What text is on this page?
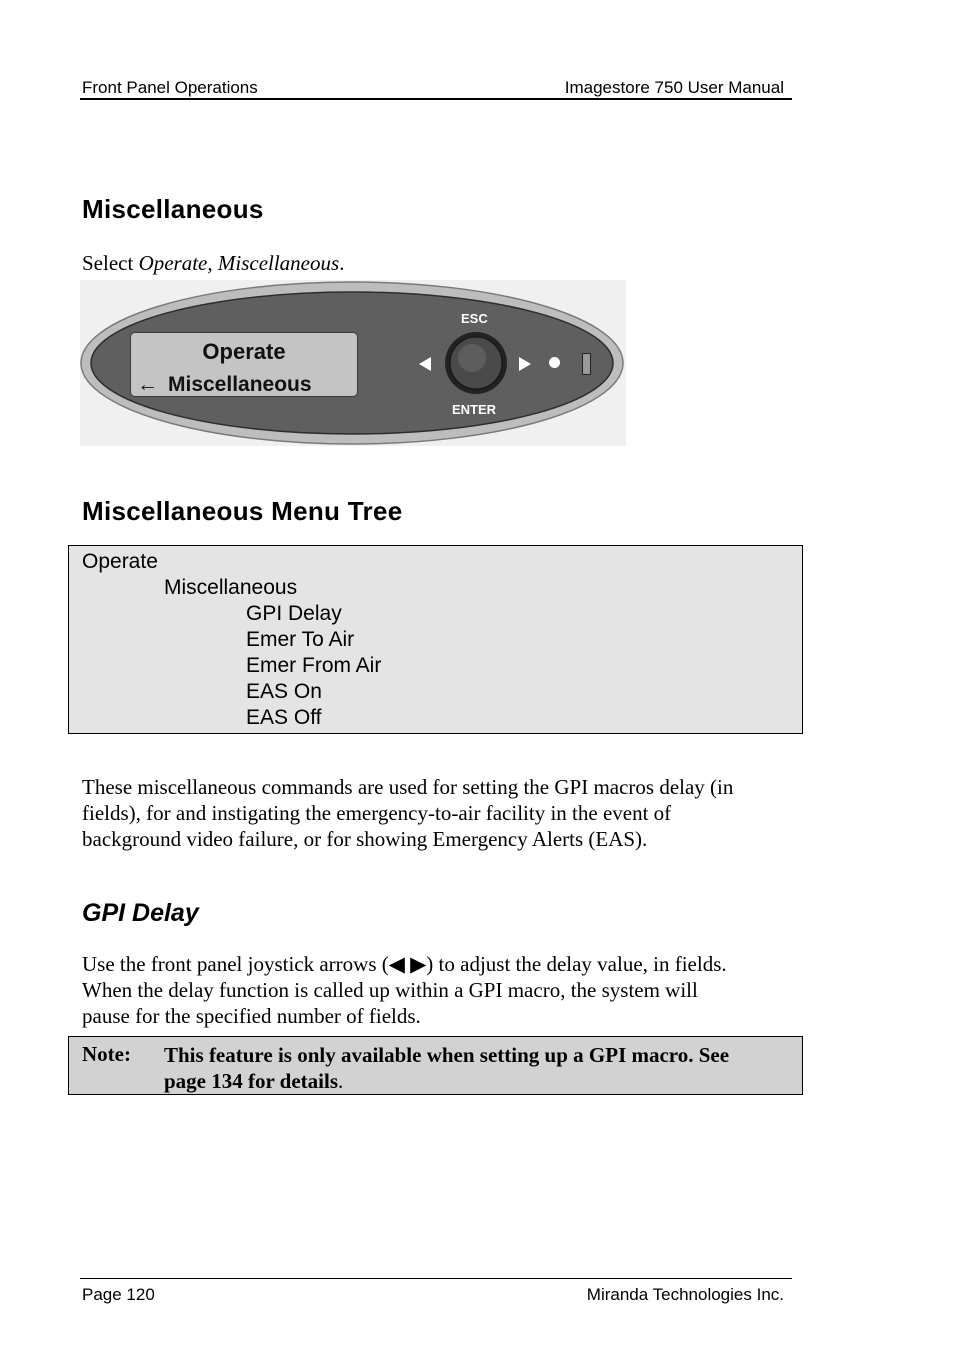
Front Panel Operations	Imagestore 750 User Manual
Miscellaneous
Select Operate, Miscellaneous.
Operate
← Miscellaneous
ESC
ENTER
Miscellaneous Menu Tree
Operate
Miscellaneous
GPI Delay
Emer To Air
Emer From Air
EAS On
EAS Off
These miscellaneous commands are used for setting the GPI macros delay (in
fields), for and instigating the emergency-to-air facility in the event of
background video failure, or for showing Emergency Alerts (EAS).
GPI Delay
Use the front panel joystick arrows (◀ ▶) to adjust the delay value, in fields.
When the delay function is called up within a GPI macro, the system will
pause for the specified number of fields.
Note: This feature is only available when setting up a GPI macro. See
page 134 for details.
Page 120	Miranda Technologies Inc.
